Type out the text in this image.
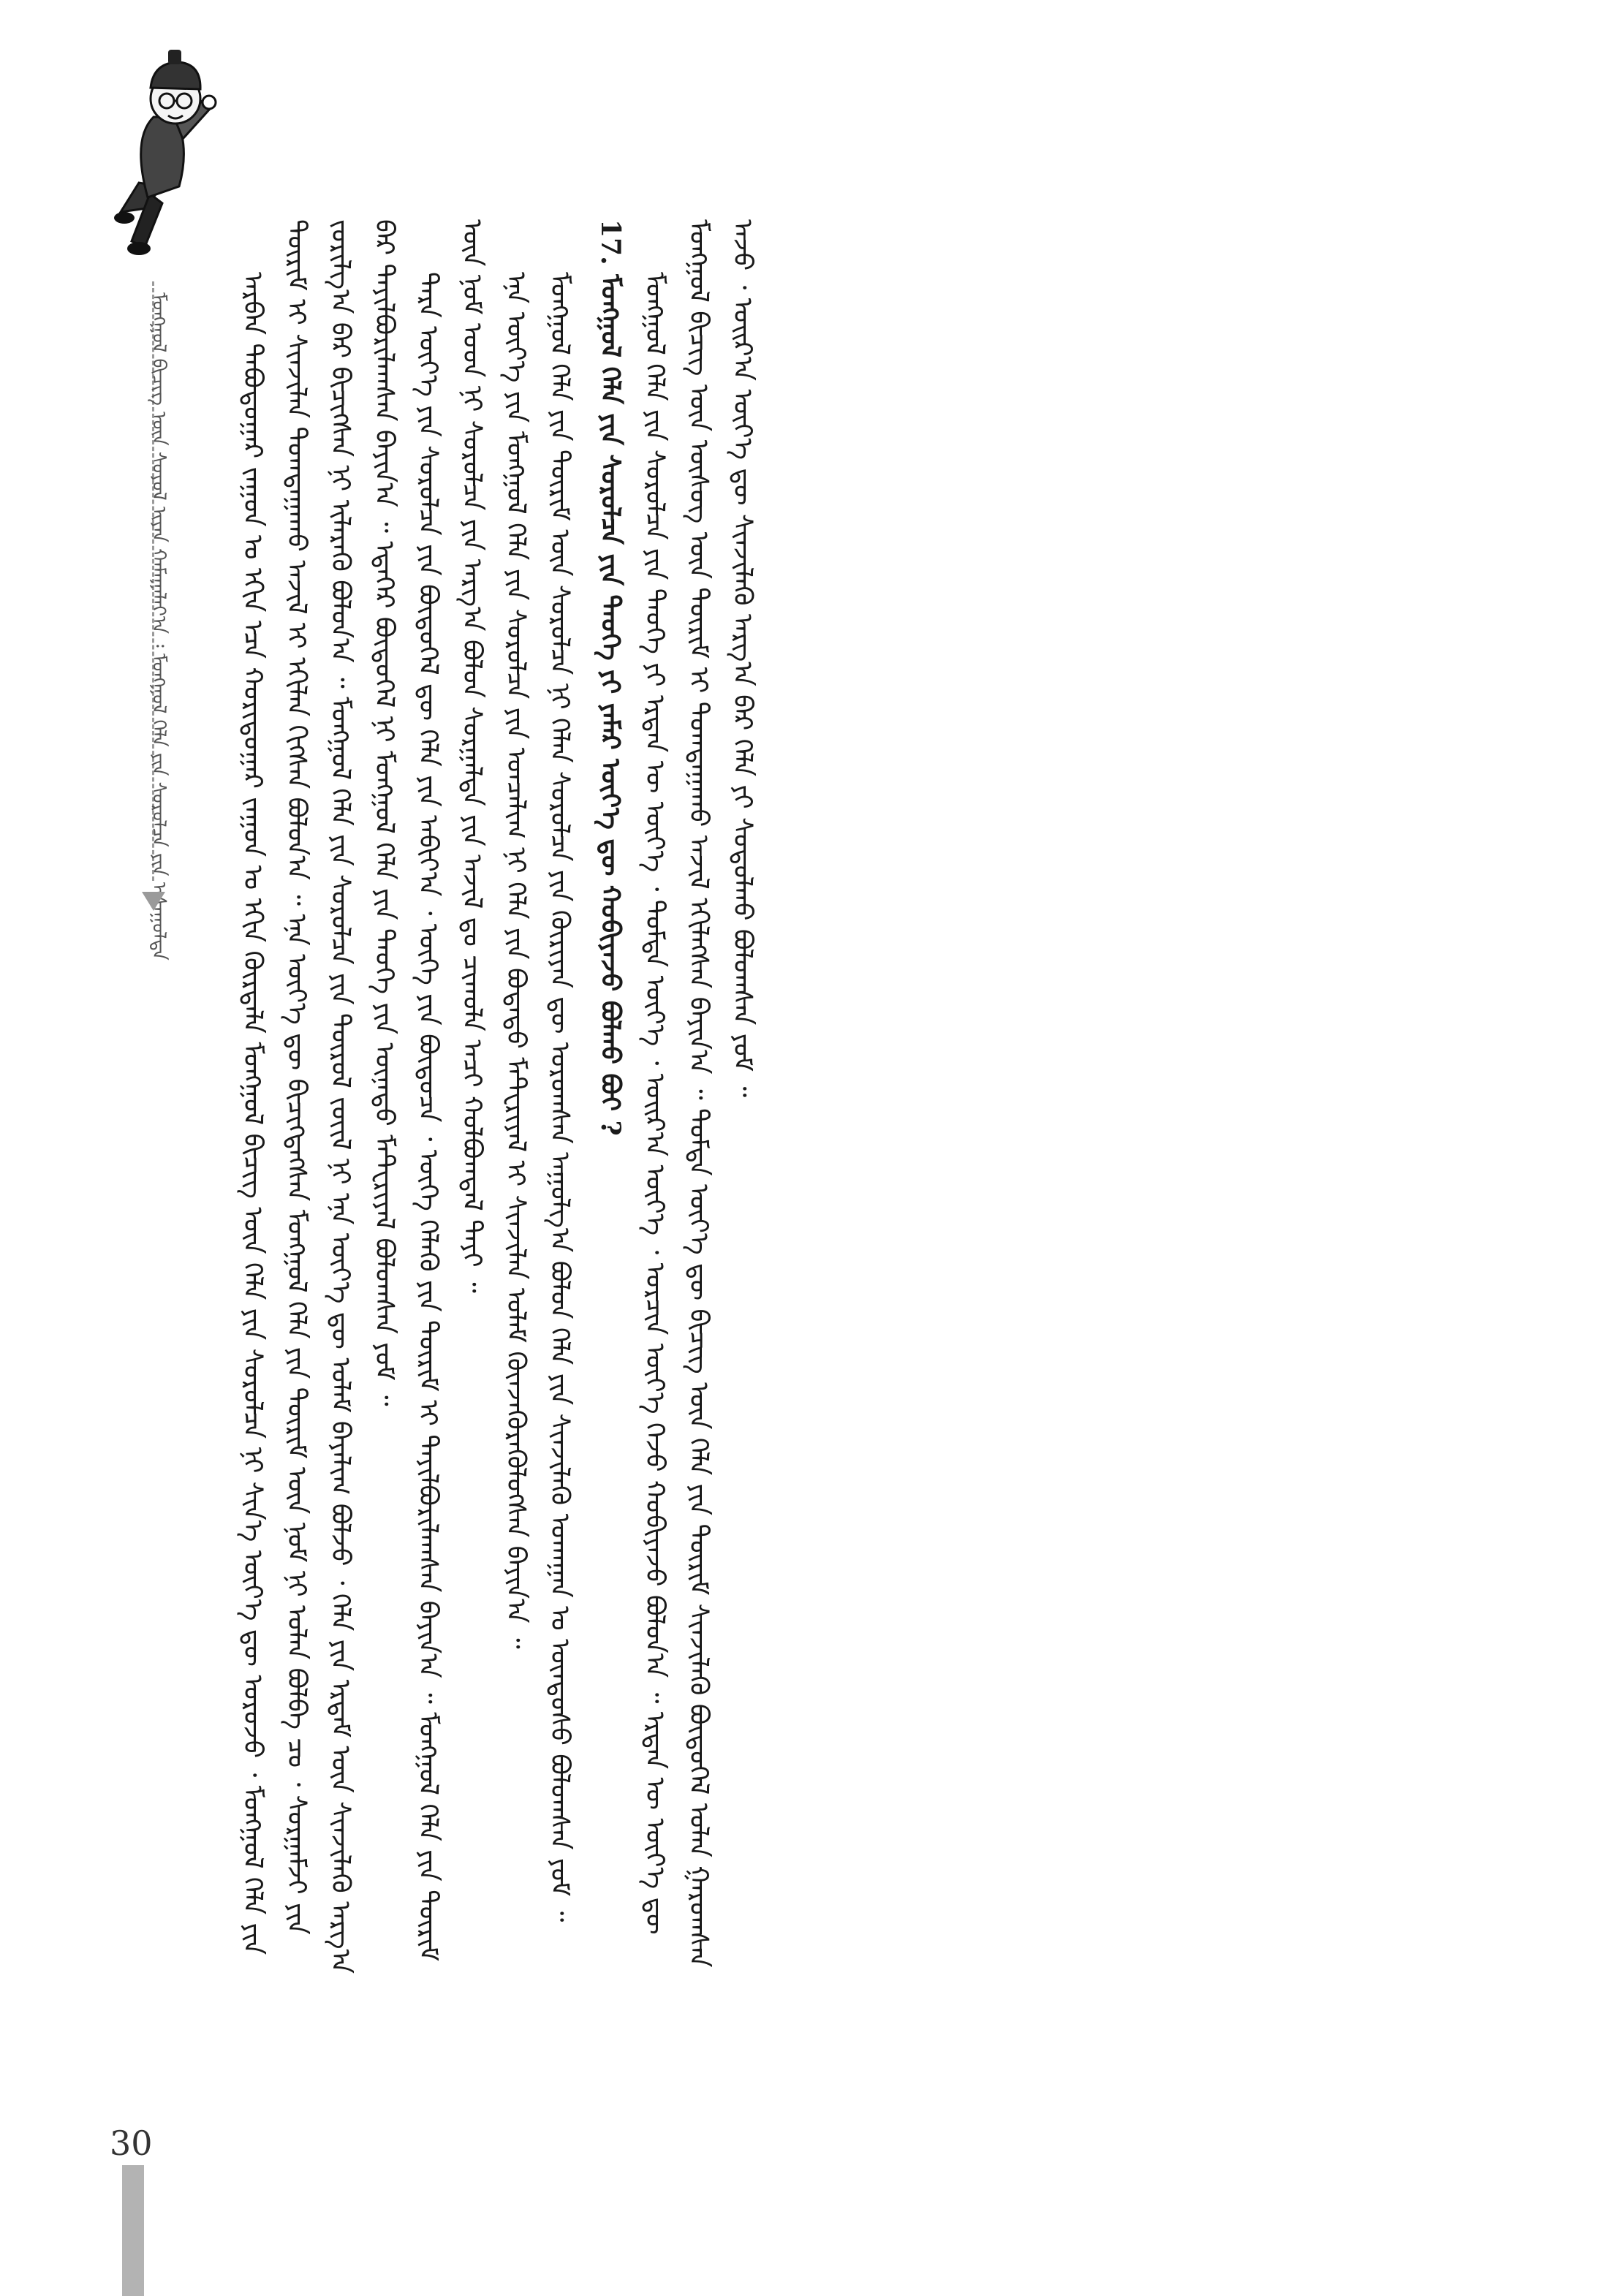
ᠮᠣᠩᠭᠣᠯ ᠪᠢᠴᠢᠭ ᠦᠨ ᠰᠣᠶᠣᠯ ᠢᠶᠠᠨ ᠬᠠᠮᠠᠭᠠᠯᠠᠶ᠎ᠠ ᠄ ᠮᠣᠩᠭᠣᠯ ᠬᠡᠯᠡ ᠶᠢᠨ ᠰᠤᠷᠤᠯᠴᠠ ᠶᠢᠨ ᠠᠰᠠᠭᠤᠯᠲᠠ	ᠠᠷᠪᠠᠨ ᠲᠠᠪᠤᠳᠤᠭᠠᠷ ᠵᠠᠭᠤᠨ ᠤ ᠡᠬᠢᠨ ᠡᠴᠡ ᠬᠤᠷᠢᠳᠤᠭᠠᠷ ᠵᠠᠭᠤᠨ ᠤ ᠡᠬᠢᠨ ᠬᠦᠷᠲᠡᠯᠡ ᠮᠣᠩᠭᠣᠯ ᠪᠢᠴᠢᠭ ᠦᠨ ᠬᠡᠯᠡ ᠶᠢᠨ ᠰᠤᠷᠤᠯᠴᠠ ᠨᠢ ᠰᠢᠨ᠎ᠡ ᠦᠶ᠎ᠡ ᠳᠦ ᠣᠷᠣᠵᠤ ᠂ ᠮᠣᠩᠭᠣᠯ ᠬᠡᠯᠡ ᠶᠢᠨ ᠳᠦᠷᠢᠮ ᠢ ᠰᠢᠨᠵᠢᠯᠡᠨ ᠲᠣᠭᠲᠠᠭᠠᠬᠤ ᠠᠵᠢᠯ ᠢ ᠡᠬᠢᠯᠡᠨ ᠬᠢᠭᠰᠡᠨ ᠪᠣᠯᠤᠨ᠎ᠠ ᠃ ᠡᠨᠡ ᠦᠶ᠎ᠡ ᠳᠦ ᠪᠢᠴᠢᠭᠳᠡᠭᠰᠡᠨ ᠮᠣᠩᠭᠣᠯ ᠬᠡᠯᠡ ᠶᠢᠨ ᠳᠦᠷᠢᠮ ᠦᠨ ᠨᠣᠮ ᠨᠢ ᠣᠯᠠᠨ ᠪᠣᠯᠪᠠ ᠴᠤ ᠂ ᠰᠤᠷᠭᠠᠮᠵᠢ ᠶᠢᠨ ᠵᠣᠷᠢᠯᠭ᠎ᠠ ᠪᠠᠷ ᠪᠢᠴᠢᠭᠰᠡᠨ ᠨᠢ ᠢᠯᠡᠷᠡᠬᠦ ᠪᠣᠯᠤᠨ᠎ᠠ ᠃ ᠮᠣᠩᠭᠣᠯ ᠬᠡᠯᠡ ᠶᠢᠨ ᠰᠤᠷᠤᠯᠴᠠ ᠶᠢᠨ ᠲᠦᠷᠦᠯ ᠵᠦᠢᠯ ᠨᠢ ᠡᠨᠡ ᠦᠶ᠎ᠡ ᠳᠦ ᠤᠯᠠᠮ ᠪᠠᠶᠠᠯᠢᠭ ᠪᠣᠯᠵᠤ ᠂ ᠬᠡᠯᠡ ᠶᠢᠨ ᠡᠷᠳᠡᠮ ᠦᠨ ᠰᠢᠨᠵᠢᠯᠡᠬᠦ ᠠᠷᠭ᠎ᠠ ᠪᠠᠷ ᠲᠠᠶᠢᠯᠪᠤᠷᠢᠯᠠᠭᠰᠠᠨ ᠪᠠᠶᠢᠨ᠎ᠠ ᠃ ᠡᠳᠡᠭᠡᠷ ᠪᠦᠲᠦᠭᠡᠯ ᠨᠢ ᠮᠣᠩᠭᠣᠯ ᠬᠡᠯᠡ ᠶᠢᠨ ᠲᠡᠦᠬᠡ ᠶᠢᠨ ᠦᠨᠡᠲᠦ ᠮᠠᠲᠧᠷᠢᠶᠠᠯ ᠪᠣᠯᠤᠭᠰᠠᠨ ᠶᠤᠮ ᠃ ᠲᠡᠷᠡ ᠦᠶ᠎ᠡ ᠶᠢᠨ ᠰᠤᠷᠤᠯᠴᠠ ᠶᠢᠨ ᠪᠦᠲᠦᠭᠡᠯ ᠳᠦ ᠬᠡᠯᠡ ᠶᠢᠨ ᠠᠪᠢᠶ᠎ᠠ ᠂ ᠦᠭᠡ ᠶᠢᠨ ᠪᠦᠲᠦᠴᠡ ᠂ ᠦᠭᠡ ᠬᠡᠯᠡᠬᠦ ᠶᠢᠨ ᠳᠦᠷᠢᠮ ᠢ ᠲᠠᠶᠢᠯᠪᠤᠷᠢᠯᠠᠭᠰᠠᠨ ᠪᠠᠶᠢᠨ᠎ᠠ ᠃ ᠮᠣᠩᠭᠣᠯ ᠬᠡᠯᠡ ᠶᠢᠨ ᠳᠦᠷᠢᠮ ᠦᠨ ᠨᠣᠮ ᠤᠳ ᠨᠢ ᠰᠤᠷᠤᠯᠴᠠ ᠶᠢᠨ ᠠᠷᠭ᠎ᠠ ᠪᠣᠯᠤᠨ ᠰᠤᠷᠭᠠᠯᠲᠠ ᠶᠢᠨ ᠠᠵᠢᠯ ᠳᠤ ᠴᠢᠬᠤᠯᠠ ᠠᠴᠢ ᠬᠣᠯᠪᠣᠭᠳᠠᠯ ᠲᠠᠶᠢ ᠃ ᠡᠨᠡ ᠦᠶ᠎ᠡ ᠶᠢᠨ ᠮᠣᠩᠭᠣᠯ ᠬᠡᠯᠡ ᠶᠢᠨ ᠰᠤᠷᠤᠯᠴᠠ ᠶᠢᠨ ᠣᠨᠴᠠᠯᠢᠭ ᠨᠢ ᠬᠡᠯᠡ ᠶᠢᠨ ᠪᠣᠳᠠᠲᠤ ᠮᠠᠲᠧᠷᠢᠶᠠᠯ ᠢ ᠰᠢᠨᠵᠢᠯᠡᠨ ᠤᠯᠠᠮ ᠭᠦᠨᠵᠡᠭᠦᠷᠡᠭᠦᠯᠦᠭᠰᠡᠨ ᠪᠠᠶᠢᠨ᠎ᠠ ᠃ ᠮᠣᠩᠭᠣᠯ ᠬᠡᠯᠡ ᠶᠢᠨ ᠳᠦᠷᠢᠮ ᠦᠨ ᠰᠤᠷᠤᠯᠴᠠ ᠨᠢ ᠬᠡᠯᠡᠨ ᠰᠤᠷᠤᠯᠴᠠ ᠶᠢᠨ ᠬᠦᠷᠢᠶᠡᠨ ᠳᠦ ᠣᠷᠣᠭᠰᠠᠨ ᠠᠭᠤᠯᠭ᠎ᠠ ᠪᠣᠯᠤᠨ ᠬᠡᠯᠡ ᠶᠢᠨ ᠰᠢᠨᠵᠢᠯᠡᠬᠦ ᠤᠬᠠᠭᠠᠨ ᠤ ᠦᠨᠳᠦᠰᠦ ᠪᠣᠯᠤᠭᠰᠠᠨ ᠶᠤᠮ ᠃

17. ᠮᠣᠩᠭᠣᠯ ᠬᠡᠯᠡ ᠶᠢᠨ ᠰᠤᠷᠤᠯᠴᠠ ᠶᠢᠨ ᠲᠡᠦᠬᠡ ᠶᠢ ᠶᠠᠮᠠᠷ ᠦᠶ᠎ᠡ ᠳᠦ ᠬᠤᠪᠢᠶᠠᠵᠤ ᠪᠣᠯᠬᠤ ᠪᠤᠢ ? ᠮᠣᠩᠭᠣᠯ ᠬᠡᠯᠡ ᠶᠢᠨ ᠰᠤᠷᠤᠯᠴᠠ ᠶᠢᠨ ᠲᠡᠦᠬᠡ ᠶᠢ ᠡᠷᠲᠡᠨ ᠦ ᠦᠶ᠎ᠡ ᠂ ᠳᠤᠮᠳᠠ ᠦᠶ᠎ᠡ ᠂ ᠣᠢᠷ᠎ᠠ ᠦᠶ᠎ᠡ ᠂ ᠣᠷᠴᠢᠨ ᠦᠶ᠎ᠡ ᠭᠡᠵᠦ ᠬᠤᠪᠢᠶᠠᠵᠤ ᠪᠣᠯᠤᠨ᠎ᠠ ᠃ ᠡᠷᠲᠡᠨ ᠦ ᠦᠶ᠎ᠡ ᠳᠦ ᠮᠣᠩᠭᠣᠯ ᠪᠢᠴᠢᠭ ᠦᠨ ᠦᠰᠦᠭ ᠦᠨ ᠳᠦᠷᠢᠮ ᠢ ᠲᠣᠭᠲᠠᠭᠠᠬᠤ ᠠᠵᠢᠯ ᠡᠬᠢᠯᠡᠭᠰᠡᠨ ᠪᠠᠶᠢᠨ᠎ᠠ ᠃ ᠳᠤᠮᠳᠠ ᠦᠶ᠎ᠡ ᠳᠦ ᠪᠢᠴᠢᠭ ᠦᠨ ᠬᠡᠯᠡ ᠶᠢᠨ ᠳᠦᠷᠢᠮ ᠰᠢᠨᠵᠢᠯᠡᠬᠦ ᠪᠦᠲᠦᠭᠡᠯ ᠣᠯᠠᠨ ᠭᠠᠷᠤᠭᠰᠠᠨ ᠠᠵᠤ ᠂ ᠣᠢᠷ᠎ᠠ ᠦᠶ᠎ᠡ ᠳᠦ ᠰᠢᠨᠵᠢᠯᠡᠬᠦ ᠠᠷᠭ᠎ᠠ ᠪᠠᠷ ᠬᠡᠯᠡ ᠶᠢ ᠰᠤᠳᠤᠯᠬᠤ ᠪᠣᠯᠤᠭᠰᠠᠨ ᠶᠤᠮ ᠃

30
